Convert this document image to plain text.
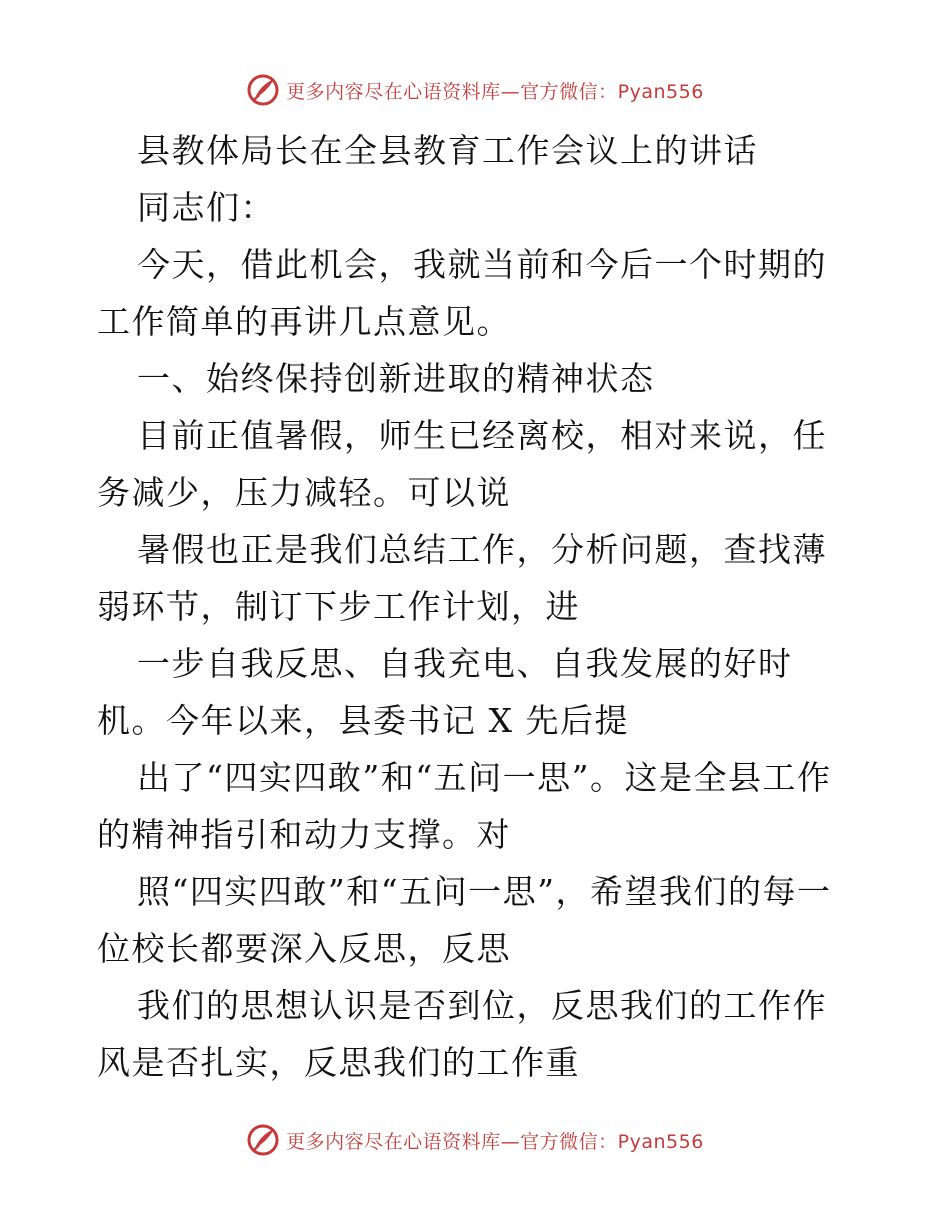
更多内容尽在心语资料库—官方微信：Pyan556

县教体局长在全县教育工作会议上的讲话

同志们：

今天，借此机会，我就当前和今后一个时期的工作简单的再讲几点意见。

一、始终保持创新进取的精神状态

目前正值暑假，师生已经离校，相对来说，任务减少，压力减轻。可以说

暑假也正是我们总结工作，分析问题，查找薄弱环节，制订下步工作计划，进

一步自我反思、自我充电、自我发展的好时机。今年以来，县委书记 X 先后提

出了“四实四敢”和“五问一思”。这是全县工作的精神指引和动力支撑。对

照“四实四敢”和“五问一思”，希望我们的每一位校长都要深入反思，反思

我们的思想认识是否到位，反思我们的工作作风是否扎实，反思我们的工作重

更多内容尽在心语资料库—官方微信：Pyan556
